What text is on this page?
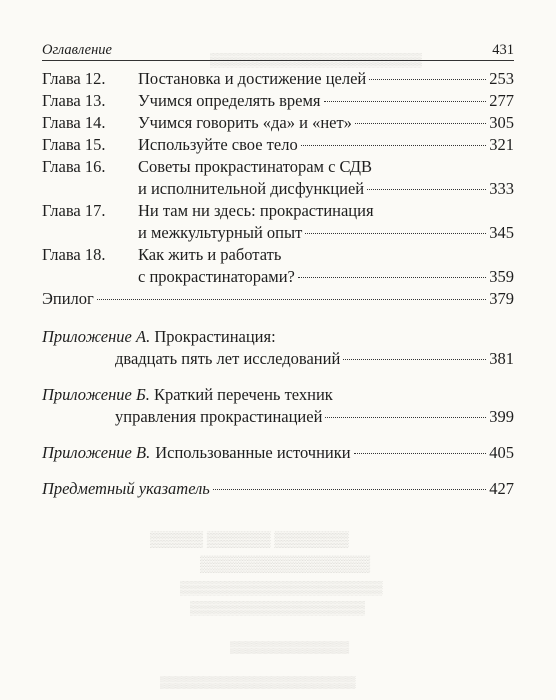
▒▒▒▒▒▒▒▒▒▒▒▒▒▒▒▒▒▒▒▒▒▒▒
▒▒▒▒▒ ▒▒▒▒▒▒ ▒▒▒▒▒▒▒
▒▒▒▒▒▒▒▒▒▒▒▒▒▒▒
▒▒▒▒▒▒▒▒▒▒▒▒▒▒▒▒▒▒▒▒▒▒
▒▒▒▒▒▒▒▒▒▒▒▒▒▒▒▒▒▒▒
▒▒▒▒▒▒▒▒▒▒▒▒▒▒
▒▒▒▒▒▒▒▒▒▒▒▒▒▒▒▒▒▒▒▒▒▒▒
Оглавление	431
Глава 12. Постановка и достижение целей	253
Глава 13. Учимся определять время	277
Глава 14. Учимся говорить «да» и «нет»	305
Глава 15. Используйте свое тело	321
Глава 16. Советы прокрастинаторам с СДВ
и исполнительной дисфункцией	333
Глава 17. Ни там ни здесь: прокрастинация
и межкультурный опыт	345
Глава 18. Как жить и работать
с прокрастинаторами?	359
Эпилог	379
Приложение А. Прокрастинация:
двадцать пять лет исследований	381
Приложение Б. Краткий перечень техник
управления прокрастинацией	399
Приложение В. Использованные источники	405
Предметный указатель	427
